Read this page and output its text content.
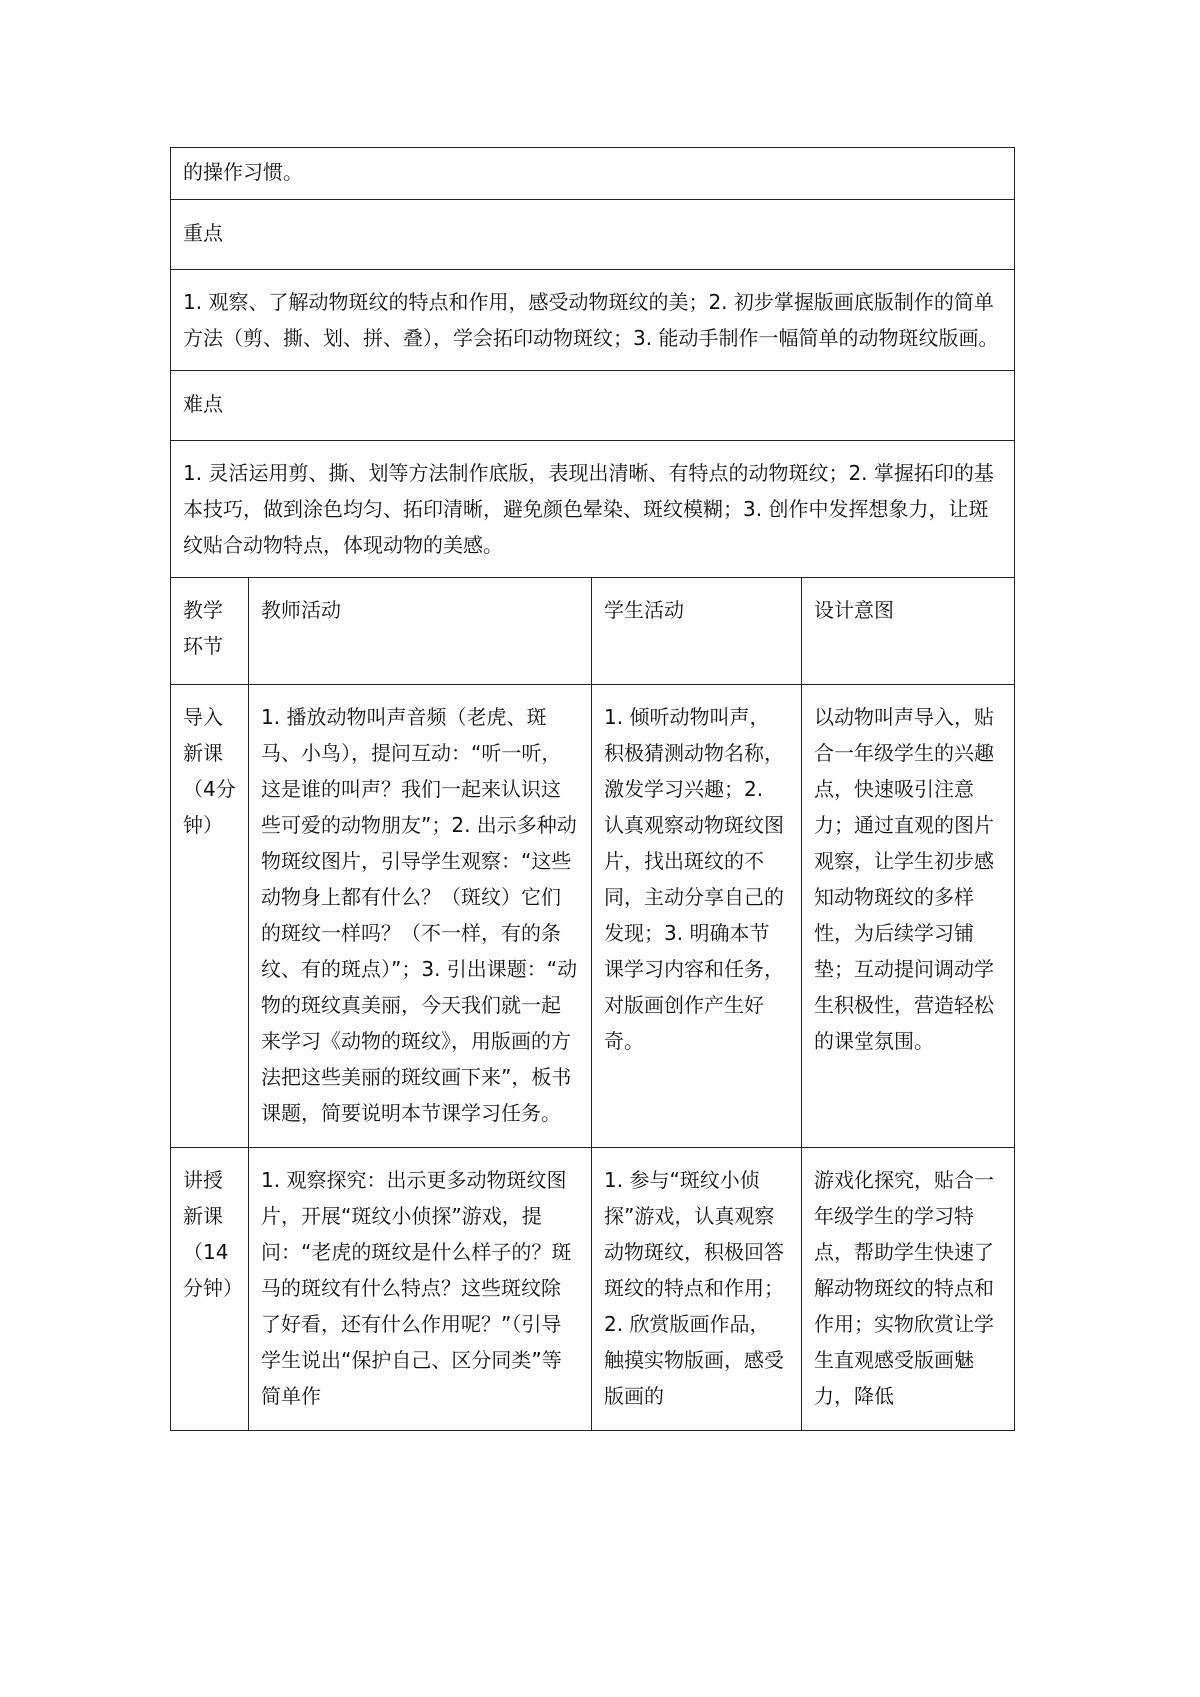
的操作习惯。			
重点			
1. 观察、了解动物斑纹的特点和作用，感受动物斑纹的美；2. 初步掌握版画底版制作的简单方法（剪、撕、划、拼、叠），学会拓印动物斑纹；3. 能动手制作一幅简单的动物斑纹版画。			
难点			
1. 灵活运用剪、撕、划等方法制作底版，表现出清晰、有特点的动物斑纹；2. 掌握拓印的基本技巧，做到涂色均匀、拓印清晰，避免颜色晕染、斑纹模糊；3. 创作中发挥想象力，让斑纹贴合动物特点，体现动物的美感。			
教学环节	教师活动	学生活动	设计意图
导入新课（4分钟）	1. 播放动物叫声音频（老虎、斑马、小鸟），提问互动：“听一听，这是谁的叫声？我们一起来认识这些可爱的动物朋友”；2. 出示多种动物斑纹图片，引导学生观察：“这些动物身上都有什么？（斑纹）它们的斑纹一样吗？（不一样，有的条纹、有的斑点）”；3. 引出课题：“动物的斑纹真美丽，今天我们就一起来学习《动物的斑纹》，用版画的方法把这些美丽的斑纹画下来”，板书课题，简要说明本节课学习任务。	1. 倾听动物叫声，积极猜测动物名称，激发学习兴趣；2. 认真观察动物斑纹图片，找出斑纹的不同，主动分享自己的发现；3. 明确本节课学习内容和任务，对版画创作产生好奇。	以动物叫声导入，贴合一年级学生的兴趣点，快速吸引注意力；通过直观的图片观察，让学生初步感知动物斑纹的多样性，为后续学习铺垫；互动提问调动学生积极性，营造轻松的课堂氛围。
讲授新课（14分钟）	1. 观察探究：出示更多动物斑纹图片，开展“斑纹小侦探”游戏，提问：“老虎的斑纹是什么样子的？斑马的斑纹有什么特点？这些斑纹除了好看，还有什么作用呢？”（引导学生说出“保护自己、区分同类”等简单作	1. 参与“斑纹小侦探”游戏，认真观察动物斑纹，积极回答斑纹的特点和作用；2. 欣赏版画作品，触摸实物版画，感受版画的	游戏化探究，贴合一年级学生的学习特点，帮助学生快速了解动物斑纹的特点和作用；实物欣赏让学生直观感受版画魅力，降低
